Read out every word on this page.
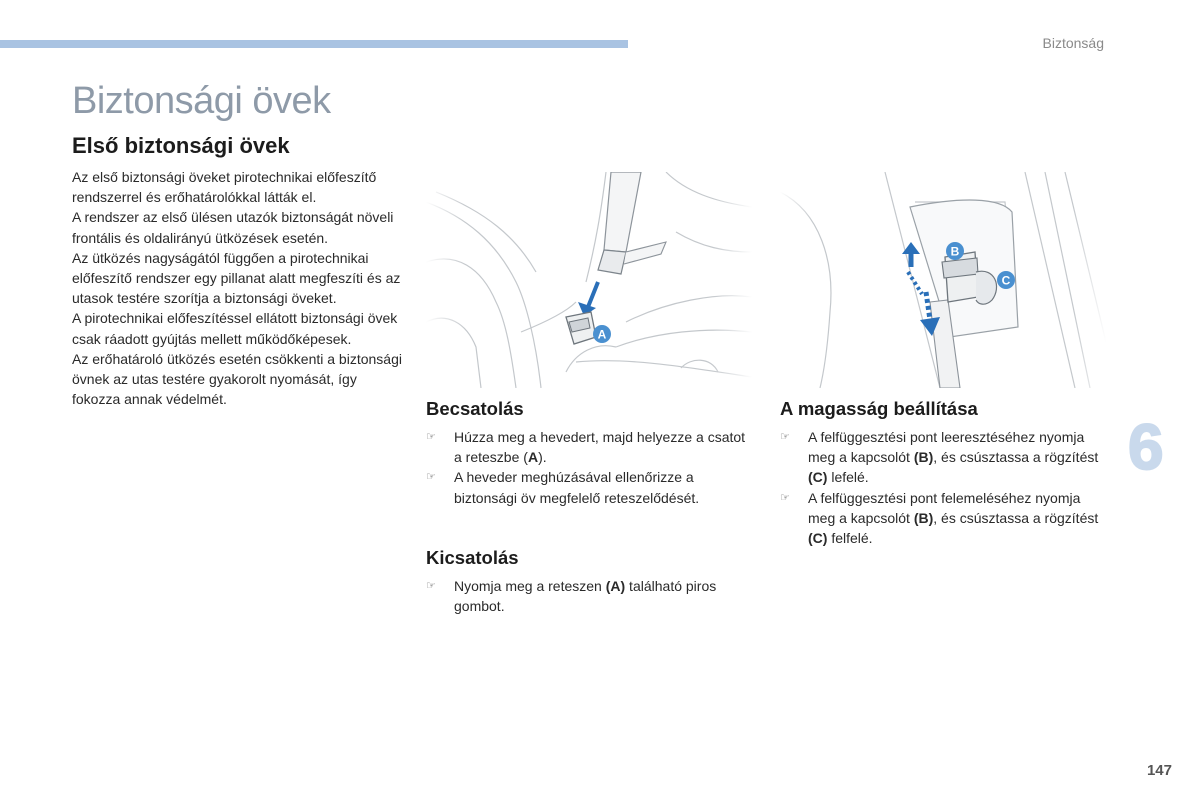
Biztonság
Biztonsági övek
Első biztonsági övek

Az első biztonsági öveket pirotechnikai előfeszítő rendszerrel és erőhatárolókkal látták el.

A rendszer az első ülésen utazók biztonságát növeli frontális és oldalirányú ütközések esetén.

Az ütközés nagyságától függően a pirotechnikai előfeszítő rendszer egy pillanat alatt megfeszíti és az utasok testére szorítja a biztonsági öveket.

A pirotechnikai előfeszítéssel ellátott biztonsági övek csak ráadott gyújtás mellett működőképesek.

Az erőhatároló ütközés esetén csökkenti a biztonsági övnek az utas testére gyakorolt nyomását, így fokozza annak védelmét.	Becsatolás
☞ Húzza meg a hevedert, majd helyezze a csatot a reteszbe (A).
☞ A heveder meghúzásával ellenőrizze a biztonsági öv megfelelő reteszelődését.
Kicsatolás
☞ Nyomja meg a reteszen (A) található piros gombot.
A magasság beállítása
☞ A felfüggesztési pont leeresztéséhez nyomja meg a kapcsolót (B), és csúsztassa a rögzítést (C) lefelé.
☞ A felfüggesztési pont felemeléséhez nyomja meg a kapcsolót (B), és csúsztassa a rögzítést (C) felfelé.
6
147
